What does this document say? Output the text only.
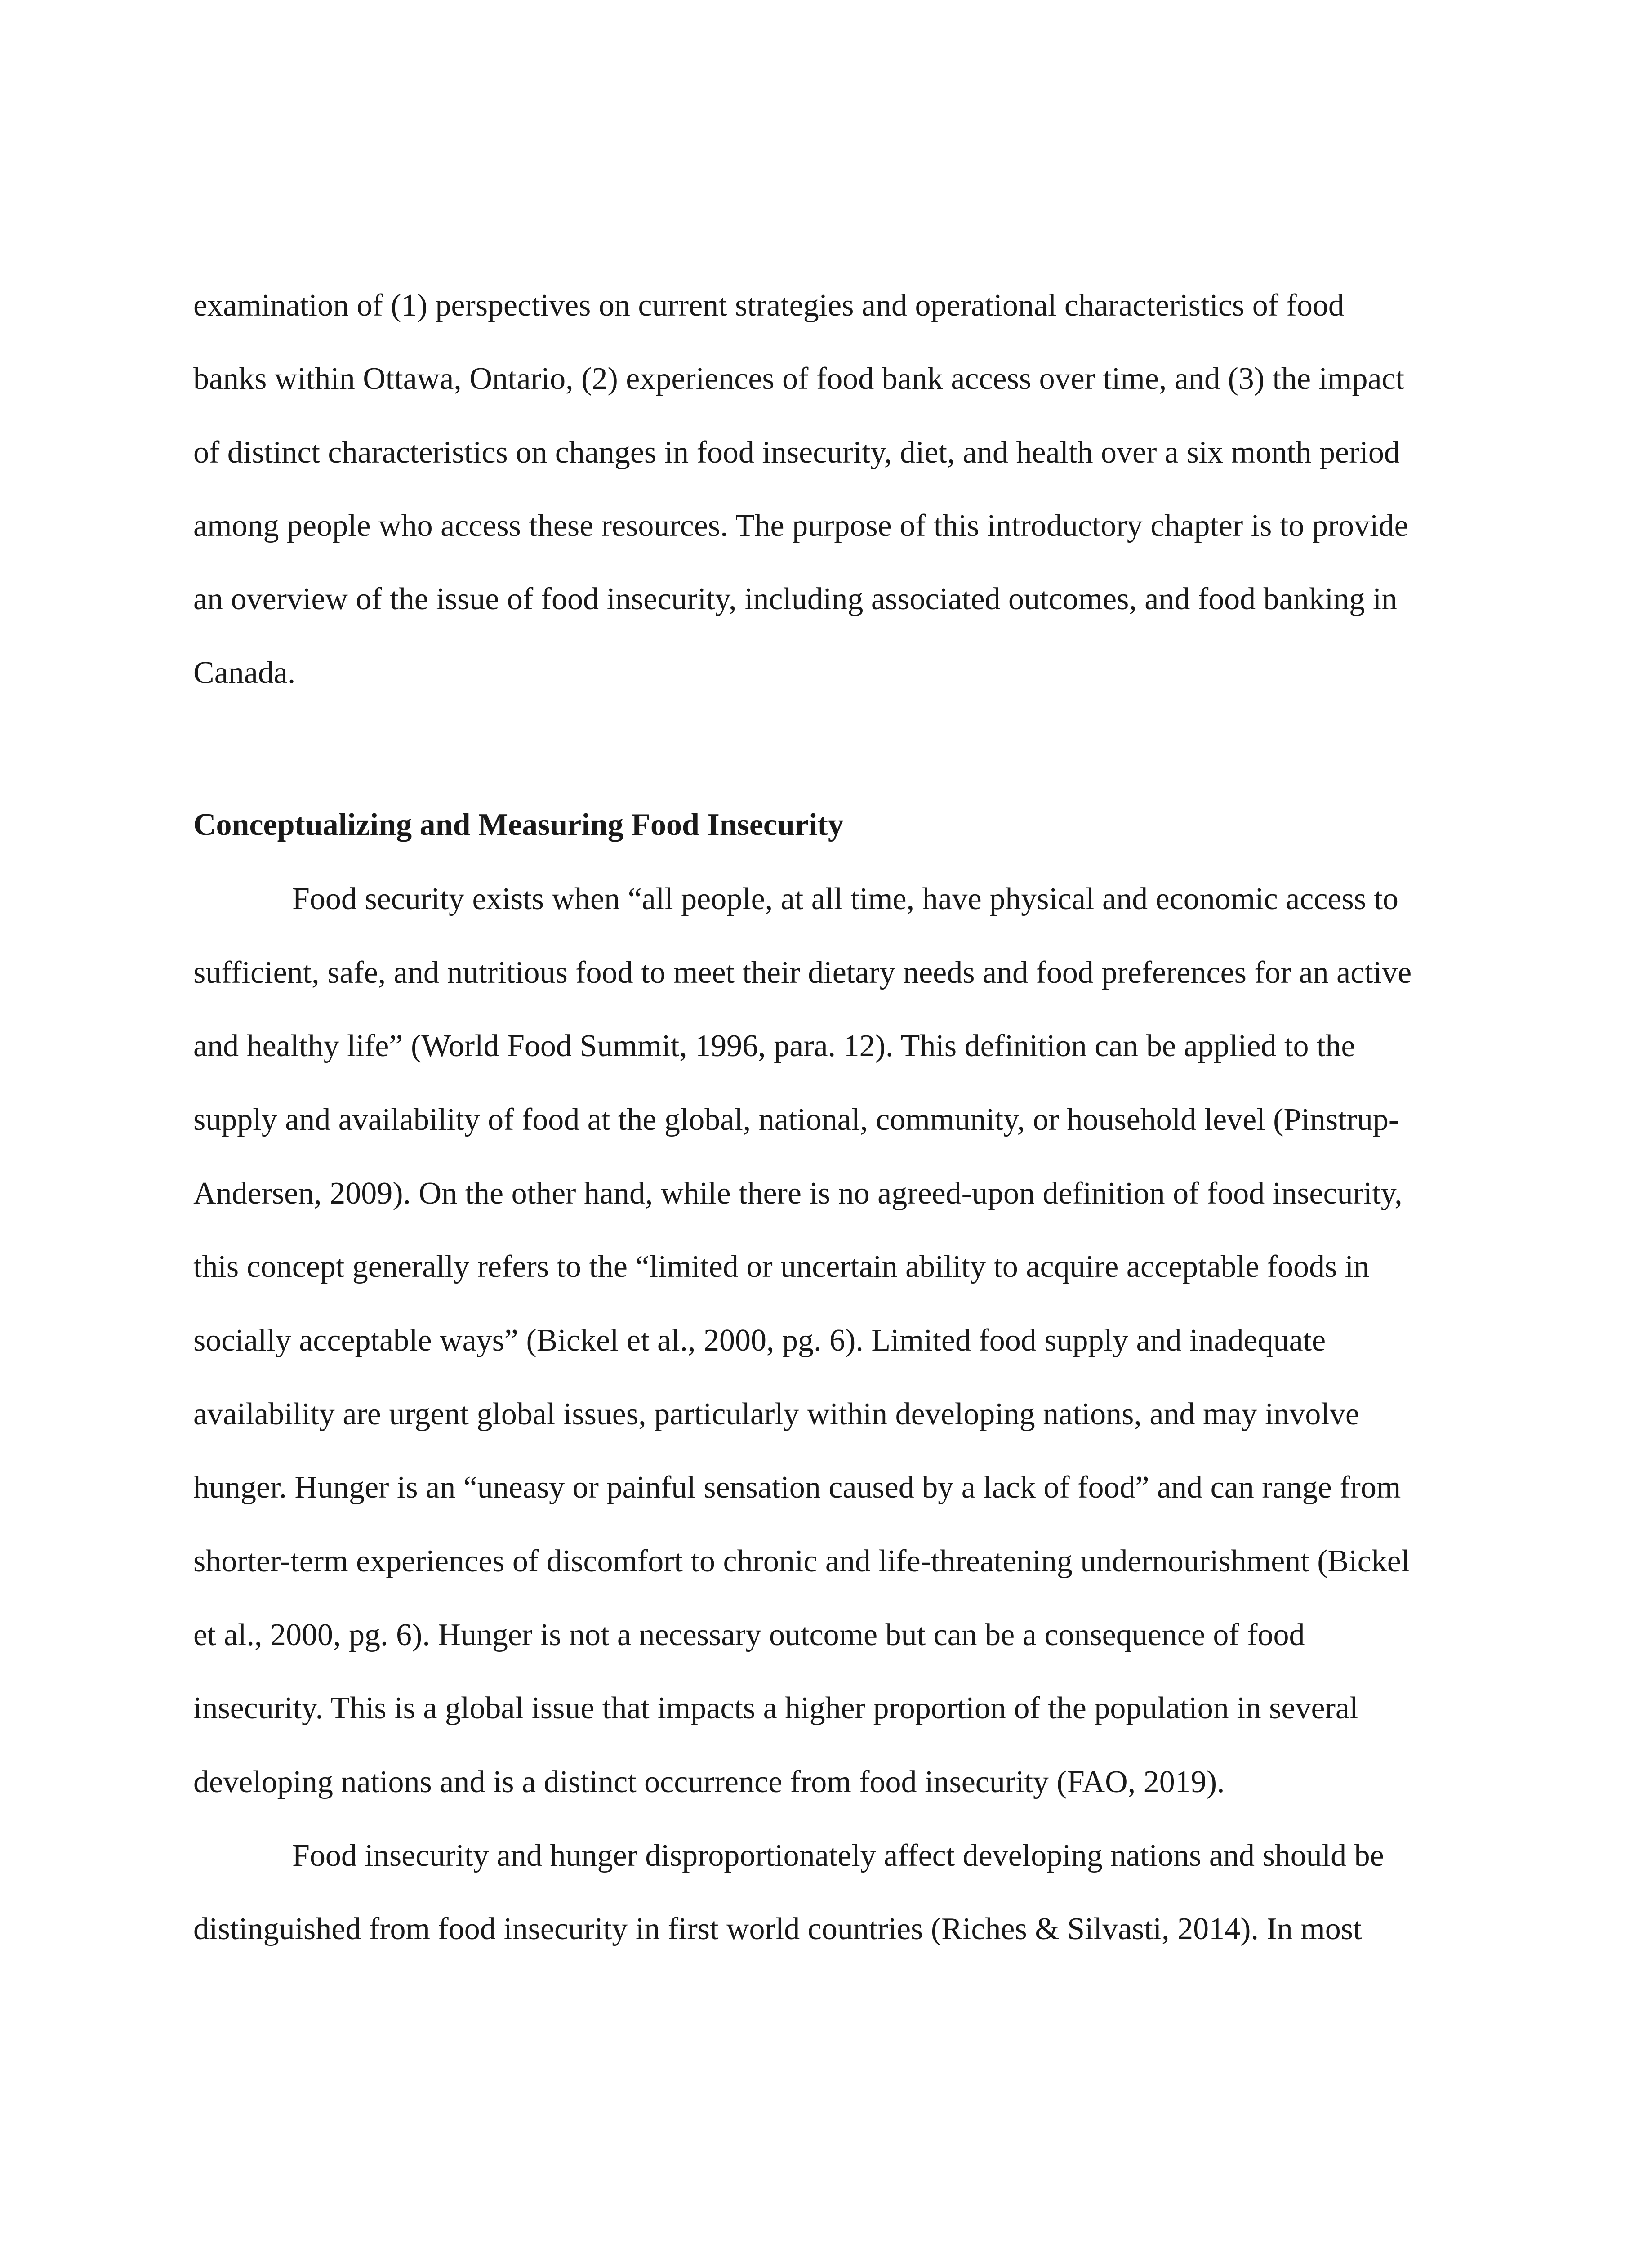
examination of (1) perspectives on current strategies and operational characteristics of food
banks within Ottawa, Ontario, (2) experiences of food bank access over time, and (3) the impact
of distinct characteristics on changes in food insecurity, diet, and health over a six month period
among people who access these resources. The purpose of this introductory chapter is to provide
an overview of the issue of food insecurity, including associated outcomes, and food banking in
Canada.
Conceptualizing and Measuring Food Insecurity
Food security exists when “all people, at all time, have physical and economic access to
sufficient, safe, and nutritious food to meet their dietary needs and food preferences for an active
and healthy life” (World Food Summit, 1996, para. 12). This definition can be applied to the
supply and availability of food at the global, national, community, or household level (Pinstrup-
Andersen, 2009). On the other hand, while there is no agreed-upon definition of food insecurity,
this concept generally refers to the “limited or uncertain ability to acquire acceptable foods in
socially acceptable ways” (Bickel et al., 2000, pg. 6). Limited food supply and inadequate
availability are urgent global issues, particularly within developing nations, and may involve
hunger. Hunger is an “uneasy or painful sensation caused by a lack of food” and can range from
shorter-term experiences of discomfort to chronic and life-threatening undernourishment (Bickel
et al., 2000, pg. 6). Hunger is not a necessary outcome but can be a consequence of food
insecurity. This is a global issue that impacts a higher proportion of the population in several
developing nations and is a distinct occurrence from food insecurity (FAO, 2019).
Food insecurity and hunger disproportionately affect developing nations and should be
distinguished from food insecurity in first world countries (Riches & Silvasti, 2014). In most
